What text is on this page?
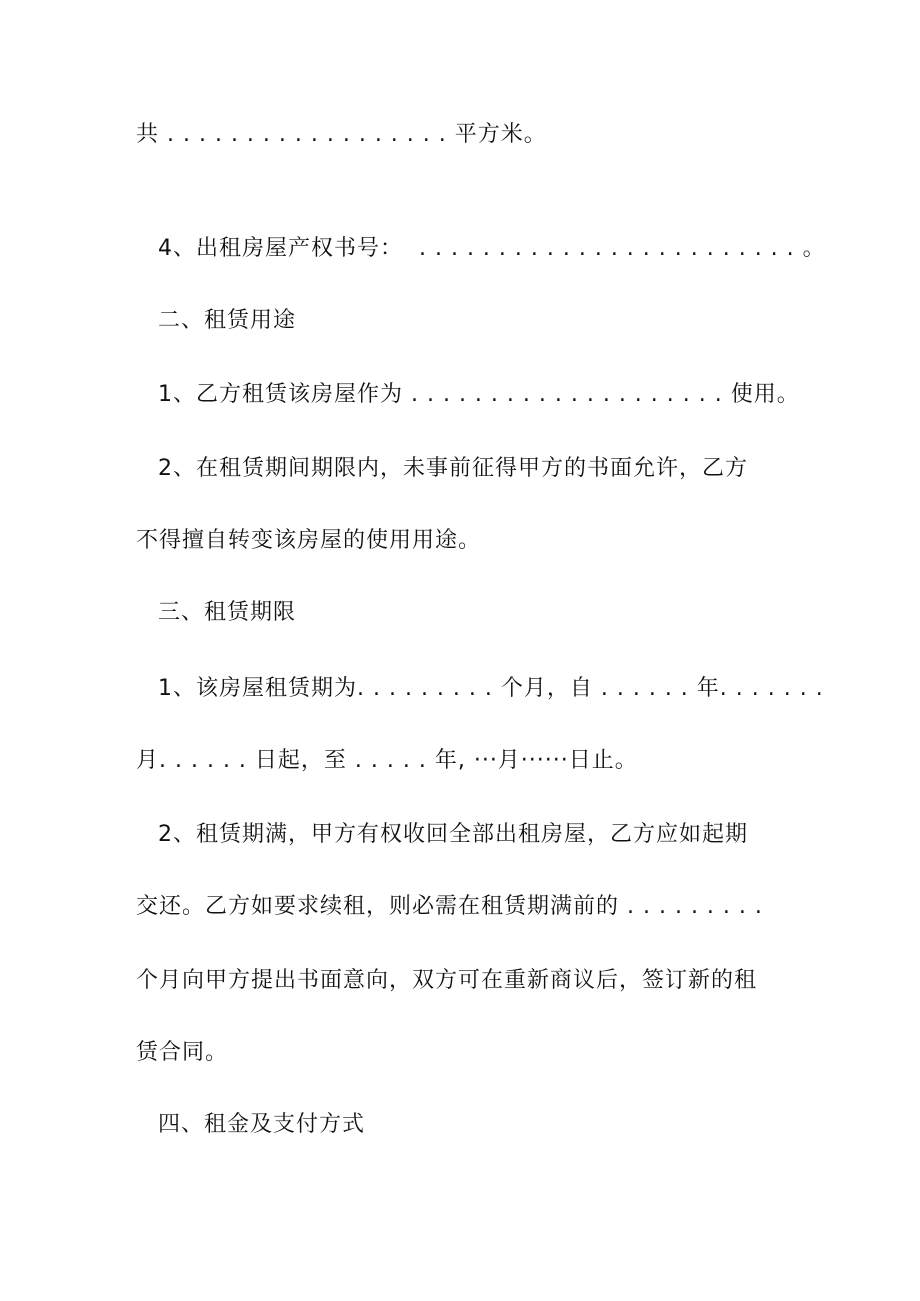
共 . . . . . . . . . . . . . . . . . . 平方米。
4、出租房屋产权书号：  . . . . . . . . . . . . . . . . . . . . . . . . 。
二、租赁用途
1、乙方租赁该房屋作为 . . . . . . . . . . . . . . . . . . . . 使用。
2、在租赁期间期限内，未事前征得甲方的书面允许，乙方
不得擅自转变该房屋的使用用途。
三、租赁期限
1、该房屋租赁期为. . . . . . . . . 个月，自 . . . . . . 年. . . . . . .
月. . . . . . 日起，至 . . . . . 年, ···月······日止。
2、租赁期满，甲方有权收回全部出租房屋，乙方应如起期
交还。乙方如要求续租，则必需在租赁期满前的 . . . . . . . . .
个月向甲方提出书面意向，双方可在重新商议后，签订新的租
赁合同。
四、租金及支付方式
